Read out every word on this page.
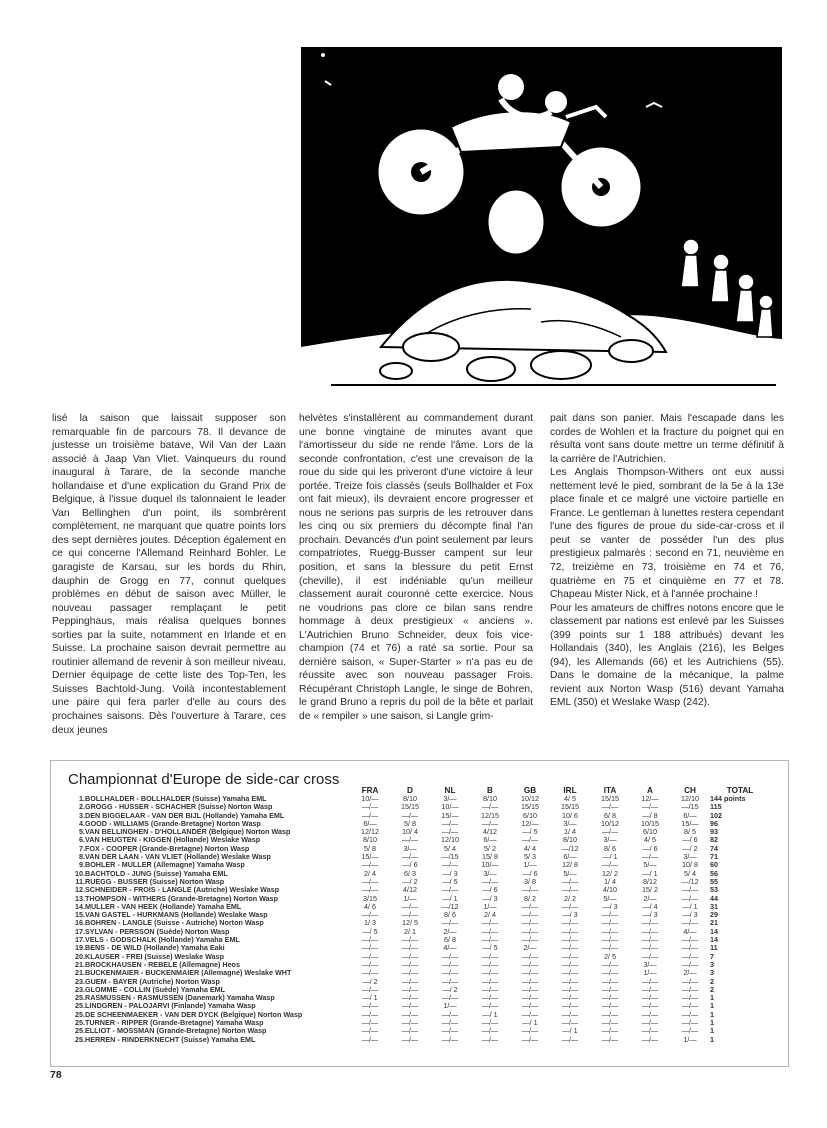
lisé la saison que laissait supposer son remarquable fin de parcours 78. Il devance de justesse un troisième batave, Wil Van der Laan associé à Jaap Van Vliet. Vainqueurs du round inaugural à Tarare, de la seconde manche hollandaise et d'une explication du Grand Prix de Belgique, à l'issue duquel ils talonnaient le leader Van Bellinghen d'un point, ils sombrèrent complètement, ne marquant que quatre points lors des sept dernières joutes. Déception également en ce qui concerne l'Allemand Reinhard Bohler. Le garagiste de Karsau, sur les bords du Rhin, dauphin de Grogg en 77, connut quelques problèmes en début de saison avec Müller, le nouveau passager remplaçant le petit Peppinghaus, mais réalisa quelques bonnes sorties par la suite, notamment en Irlande et en Suisse. La prochaine saison devrait permettre au routinier allemand de revenir à son meilleur niveau. Dernier équipage de cette liste des Top-Ten, les Suisses Bachtold-Jung. Voilà incontestablement une paire qui fera parler d'elle au cours des prochaines saisons. Dès l'ouverture à Tarare, ces deux jeunes

helvètes s'installèrent au commandement durant une bonne vingtaine de minutes avant que l'amortisseur du side ne rende l'âme. Lors de la seconde confrontation, c'est une crevaison de la roue du side qui les priveront d'une victoire à leur portée. Treize fois classés (seuls Bollhalder et Fox ont fait mieux), ils devraient encore progresser et nous ne serions pas surpris de les retrouver dans les cinq ou six premiers du décompte final l'an prochain. Devancés d'un point seulement par leurs compatriotes, Ruegg-Busser campent sur leur position, et sans la blessure du petit Ernst (cheville), il est indéniable qu'un meilleur classement aurait couronné cette exercice. Nous ne voudrions pas clore ce bilan sans rendre hommage à deux prestigieux « anciens ». L'Autrichien Bruno Schneider, deux fois vice-champion (74 et 76) a raté sa sortie. Pour sa dernière saison, « Super-Starter » n'a pas eu de réussite avec son nouveau passager Frois. Récupérant Christoph Langle, le singe de Bohren, le grand Bruno a repris du poil de la bête et parlait de « rempiler » une saison, si Langle grim-

pait dans son panier. Mais l'escapade dans les cordes de Wohlen et la fracture du poignet qui en résulta vont sans doute mettre un terme définitif à la carrière de l'Autrichien.

Les Anglais Thompson-Withers ont eux aussi nettement levé le pied, sombrant de la 5e à la 13e place finale et ce malgré une victoire partielle en France. Le gentleman à lunettes restera cependant l'une des figures de proue du side-car-cross et il peut se vanter de posséder l'un des plus prestigieux palmarès : second en 71, neuvième en 72, treizième en 73, troisième en 74 et 76, quatrième en 75 et cinquième en 77 et 78. Chapeau Mister Nick, et à l'année prochaine !

Pour les amateurs de chiffres notons encore que le classement par nations est enlevé par les Suisses (399 points sur 1 188 attribués) devant les Hollandais (340), les Anglais (216), les Belges (94), les Allemands (66) et les Autrichiens (55). Dans le domaine de la mécanique, la palme revient aux Norton Wasp (516) devant Yamaha EML (350) et Weslake Wasp (242).

Championnat d'Europe de side-car cross
		FRA	D	NL	B	GB	IRL	ITA	A	CH	TOTAL
1.	BOLLHALDER - BOLLHALDER (Suisse) Yamaha EML	10/—	8/10	3/—	8/10	10/12	4/ 5	15/15	12/—	12/10	144 points
2.	GROGG - HUSSER - SCHACHER (Suisse) Norton Wasp	—/—	15/15	10/—	—/—	15/15	15/15	—/—	—/—	—/15	115
3.	DEN BIGGELAAR - VAN DER BIJL (Hollande) Yamaha EML	—/—	—/—	15/—	12/15	6/10	10/ 6	6/ 8	—/ 8	6/—	102
4.	GOOD - WILLIAMS (Grande-Bretagne) Norton Wasp	6/—	5/ 8	—/—	—/—	12/—	3/—	10/12	10/15	15/—	96
5.	VAN BELLINGHEN - D'HOLLANDER (Belgique) Norton Wasp	12/12	10/ 4	—/—	4/12	—/ 5	1/ 4	—/—	6/10	8/ 5	93
6.	VAN HEUGTEN - KIGGEN (Hollande) Weslake Wasp	8/10	—/—	12/10	6/—	—/—	8/10	3/—	4/ 5	—/ 6	82
7.	FOX - COOPER (Grande-Bretagne) Norton Wasp	5/ 8	3/—	5/ 4	5/ 2	4/ 4	—/12	8/ 6	—/ 6	—/ 2	74
8.	VAN DER LAAN - VAN VLIET (Hollande) Weslake Wasp	15/—	—/—	—/15	15/ 8	5/ 3	6/—	—/ 1	—/—	3/—	71
9.	BOHLER - MULLER (Allemagne) Yamaha Wasp	—/—	—/ 6	—/—	10/—	1/—	12/ 8	—/—	5/—	10/ 8	60
10.	BACHTOLD - JUNG (Suisse) Yamaha EML	2/ 4	6/ 3	—/ 3	3/—	—/ 6	5/—	12/ 2	—/ 1	5/ 4	56
11.	RUEGG - BUSSER (Suisse) Norton Wasp	—/—	—/ 2	—/ 5	—/—	3/ 8	—/—	1/ 4	8/12	—/12	55
12.	SCHNEIDER - FROIS - LANGLE (Autriche) Weslake Wasp	—/—	4/12	—/—	—/ 6	—/—	—/—	4/10	15/ 2	—/—	53
13.	THOMPSON - WITHERS (Grande-Bretagne) Norton Wasp	3/15	1/—	—/ 1	—/ 3	8/ 2	2/ 2	5/—	2/—	—/—	44
14.	MULLER - VAN HEEK (Hollande) Yamaha EML	4/ 6	—/—	—/12	1/—	—/—	—/—	—/ 3	—/ 4	—/ 1	31
15.	VAN GASTEL - HURKMANS (Hollande) Weslake Wasp	—/—	—/—	8/ 6	2/ 4	—/—	—/ 3	—/—	—/ 3	—/ 3	29
16.	BOHREN - LANGLE (Suisse - Autriche) Norton Wasp	1/ 3	12/ 5	—/—	—/—	—/—	—/—	—/—	—/—	—/—	21
17.	SYLVAN - PERSSON (Suède) Norton Wasp	—/ 5	2/ 1	2/—	—/—	—/—	—/—	—/—	—/—	4/—	14
17.	VELS - GODSCHALK (Hollande) Yamaha EML	—/—	—/—	6/ 8	—/—	—/—	—/—	—/—	—/—	—/—	14
19.	BENS - DE WILD (Hollande) Yamaha Eaki	—/—	—/—	4/—	—/ 5	2/—	—/—	—/—	—/—	—/—	11
20.	KLAUSER - FREI (Suisse) Weslake Wasp	—/—	—/—	—/—	—/—	—/—	—/—	2/ 5	—/—	—/—	7
21.	BROCKHAUSEN - REBELE (Allemagne) Heos	—/—	—/—	—/—	—/—	—/—	—/—	—/—	3/—	—/—	3
21.	BUCKENMAIER - BUCKENMAIER (Allemagne) Weslake WHT	—/—	—/—	—/—	—/—	—/—	—/—	—/—	1/—	2/—	3
23.	GUEM - BAYER (Autriche) Norton Wasp	—/ 2	—/—	—/—	—/—	—/—	—/—	—/—	—/—	—/—	2
23.	GLOMME - COLLIN (Suède) Yamaha EML	—/—	—/—	—/ 2	—/—	—/—	—/—	—/—	—/—	—/—	2
25.	RASMUSSEN - RASMUSSEN (Danemark) Yamaha Wasp	—/ 1	—/—	—/—	—/—	—/—	—/—	—/—	—/—	—/—	1
25.	LINDGREN - PALOJARVI (Finlande) Yamaha Wasp	—/—	—/—	1/—	—/—	—/—	—/—	—/—	—/—	—/—	1
25.	DE SCHEENMAEKER - VAN DER DYCK (Belgique) Norton Wasp	—/—	—/—	—/—	—/ 1	—/—	—/—	—/—	—/—	—/—	1
25.	TURNER - RIPPER (Grande-Bretagne) Yamaha Wasp	—/—	—/—	—/—	—/—	—/ 1	—/—	—/—	—/—	—/—	1
25.	ELLIOT - MOSSMAN (Grande-Bretagne) Norton Wasp	—/—	—/—	—/—	—/—	—/—	—/ 1	—/—	—/—	—/—	1
25.	HERREN - RINDERKNECHT (Suisse) Yamaha EML	—/—	—/—	—/—	—/—	—/—	—/—	—/—	—/—	1/—	1
78
